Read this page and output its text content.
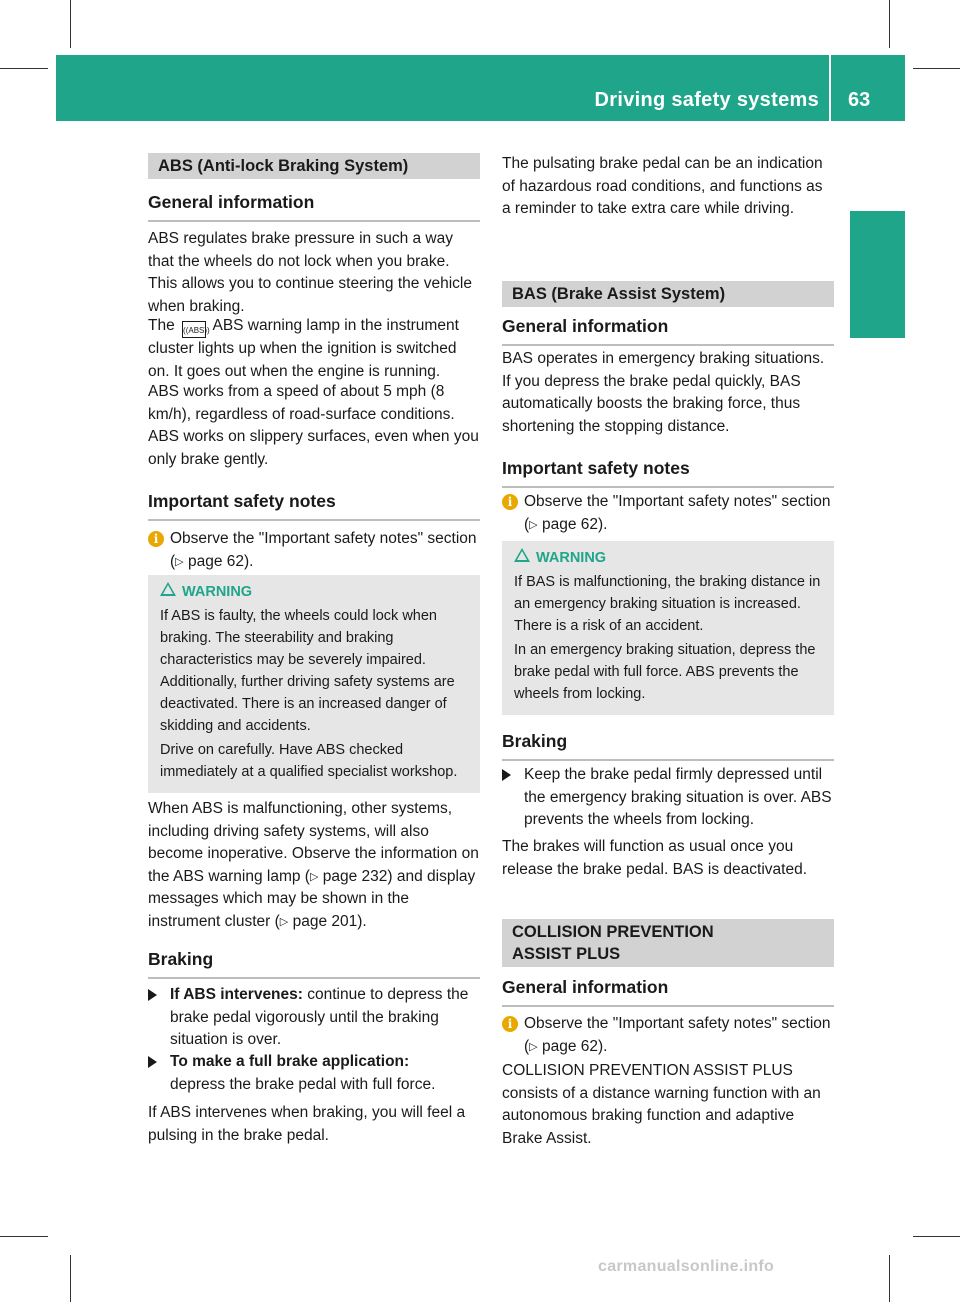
Driving safety systems 63
Safety
ABS (Anti-lock Braking System)
General information

ABS regulates brake pressure in such a way that the wheels do not lock when you brake. This allows you to continue steering the vehicle when braking.

The ((ABS)) ABS warning lamp in the instrument cluster lights up when the ignition is switched on. It goes out when the engine is running.

ABS works from a speed of about 5 mph (8 km/h), regardless of road-surface conditions. ABS works on slippery surfaces, even when you only brake gently.

Important safety notes
i Observe the "Important safety notes" section (▷ page 62).
WARNING

If ABS is faulty, the wheels could lock when braking. The steerability and braking characteristics may be severely impaired. Additionally, further driving safety systems are deactivated. There is an increased danger of skidding and accidents.

Drive on carefully. Have ABS checked immediately at a qualified specialist workshop.

When ABS is malfunctioning, other systems, including driving safety systems, will also become inoperative. Observe the information on the ABS warning lamp (▷ page 232) and display messages which may be shown in the instrument cluster (▷ page 201).

Braking
If ABS intervenes: continue to depress the brake pedal vigorously until the braking situation is over.
To make a full brake application:
depress the brake pedal with full force.

If ABS intervenes when braking, you will feel a pulsing in the brake pedal.

The pulsating brake pedal can be an indication of hazardous road conditions, and functions as a reminder to take extra care while driving.

BAS (Brake Assist System)
General information

BAS operates in emergency braking situations. If you depress the brake pedal quickly, BAS automatically boosts the braking force, thus shortening the stopping distance.

Important safety notes
i Observe the "Important safety notes" section (▷ page 62).
WARNING

If BAS is malfunctioning, the braking distance in an emergency braking situation is increased. There is a risk of an accident.

In an emergency braking situation, depress the brake pedal with full force. ABS prevents the wheels from locking.

Braking
Keep the brake pedal firmly depressed until the emergency braking situation is over. ABS prevents the wheels from locking.

The brakes will function as usual once you release the brake pedal. BAS is deactivated.

COLLISION PREVENTION ASSIST PLUS
General information
i Observe the "Important safety notes" section (▷ page 62).

COLLISION PREVENTION ASSIST PLUS consists of a distance warning function with an autonomous braking function and adaptive Brake Assist.

carmanualsonline.info
